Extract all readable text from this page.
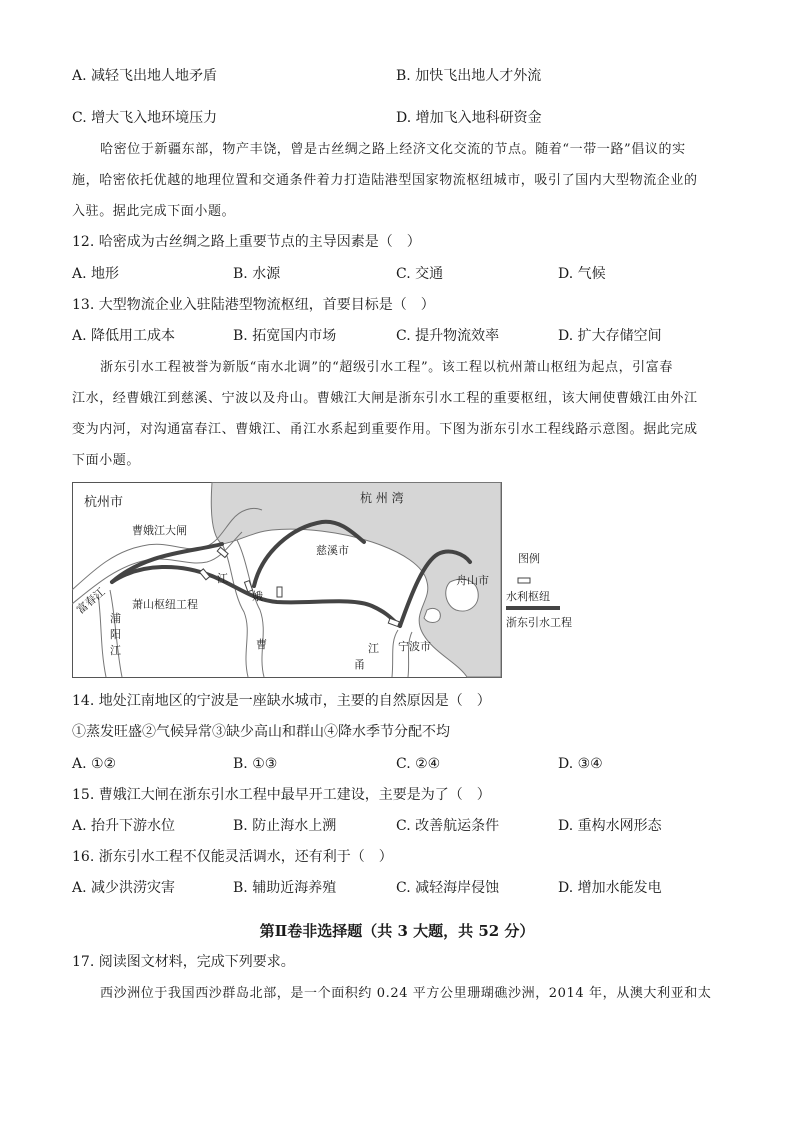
A. 减轻飞出地人地矛盾	B. 加快飞出地人才外流
C. 增大飞入地环境压力	D. 增加飞入地科研资金
哈密位于新疆东部，物产丰饶，曾是古丝绸之路上经济文化交流的节点。随着“一带一路”倡议的实
施，哈密依托优越的地理位置和交通条件着力打造陆港型国家物流枢纽城市，吸引了国内大型物流企业的
入驻。据此完成下面小题。
12. 哈密成为古丝绸之路上重要节点的主导因素是（　）
A. 地形	B. 水源	C. 交通	D. 气候
13. 大型物流企业入驻陆港型物流枢纽，首要目标是（　）
A. 降低用工成本	B. 拓宽国内市场	C. 提升物流效率	D. 扩大存储空间
浙东引水工程被誉为新版“南水北调”的“超级引水工程”。该工程以杭州萧山枢纽为起点，引富春
江水，经曹娥江到慈溪、宁波以及舟山。曹娥江大闸是浙东引水工程的重要枢纽，该大闸使曹娥江由外江
变为内河，对沟通富春江、曹娥江、甬江水系起到重要作用。下图为浙东引水工程线路示意图。据此完成
下面小题。
杭州市	杭 州 湾
慈溪市
舟山市
宁波市
曹娥江大闸
萧山枢纽工程
富春江
浦
阳
江
江
娥
曹	江
甬
图例
水利枢纽
浙东引水工程
14. 地处江南地区的宁波是一座缺水城市，主要的自然原因是（　）
①蒸发旺盛②气候异常③缺少高山和群山④降水季节分配不均
A. ①②	B. ①③	C. ②④	D. ③④
15. 曹娥江大闸在浙东引水工程中最早开工建设，主要是为了（　）
A. 抬升下游水位	B. 防止海水上溯	C. 改善航运条件	D. 重构水网形态
16. 浙东引水工程不仅能灵活调水，还有利于（　）
A. 减少洪涝灾害	B. 辅助近海养殖	C. 减轻海岸侵蚀	D. 增加水能发电
第Ⅱ卷非选择题（共 3 大题，共 52 分）
17. 阅读图文材料，完成下列要求。
西沙洲位于我国西沙群岛北部，是一个面积约 0.24 平方公里珊瑚礁沙洲，2014 年，从澳大利亚和太
